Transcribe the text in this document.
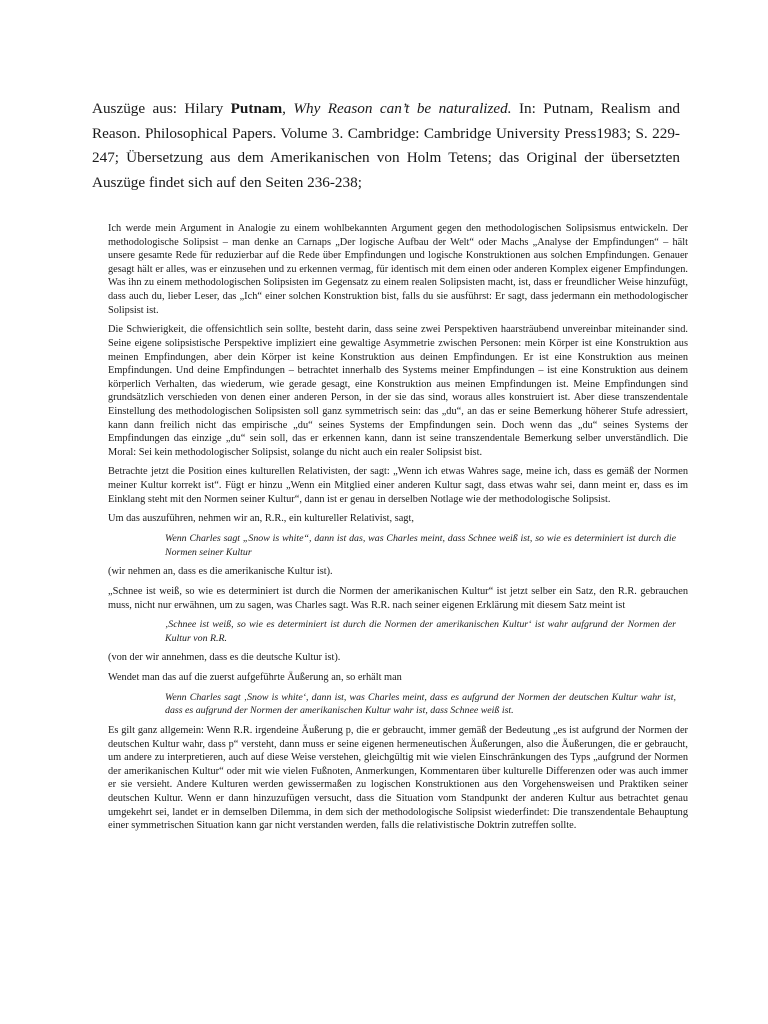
Auszüge aus: Hilary Putnam, Why Reason can’t be naturalized. In: Putnam, Realism and Reason. Philosophical Papers. Volume 3. Cambridge: Cambridge University Press1983; S. 229-247; Übersetzung aus dem Amerikanischen von Holm Tetens; das Original der übersetzten Auszüge findet sich auf den Seiten 236-238;

Ich werde mein Argument in Analogie zu einem wohlbekannten Argument gegen den methodologischen Solipsismus entwickeln. Der methodologische Solipsist – man denke an Carnaps „Der logische Aufbau der Welt“ oder Machs „Analyse der Empfindungen“ – hält unsere gesamte Rede für reduzierbar auf die Rede über Empfindungen und logische Konstruktionen aus solchen Empfindungen. Genauer gesagt hält er alles, was er einzusehen und zu erkennen vermag, für identisch mit dem einen oder anderen Komplex eigener Empfindungen. Was ihn zu einem methodologischen Solipsisten im Gegensatz zu einem realen Solipsisten macht, ist, dass er freundlicher Weise hinzufügt, dass auch du, lieber Leser, das „Ich“ einer solchen Konstruktion bist, falls du sie ausführst: Er sagt, dass jedermann ein methodologischer Solipsist ist.

Die Schwierigkeit, die offensichtlich sein sollte, besteht darin, dass seine zwei Perspektiven haarsträubend unvereinbar miteinander sind. Seine eigene solipsistische Perspektive impliziert eine gewaltige Asymmetrie zwischen Personen: mein Körper ist eine Konstruktion aus meinen Empfindungen, aber dein Körper ist keine Konstruktion aus deinen Empfindungen. Er ist eine Konstruktion aus meinen Empfindungen. Und deine Empfindungen – betrachtet innerhalb des Systems meiner Empfindungen – ist eine Konstruktion aus deinem körperlich Verhalten, das wiederum, wie gerade gesagt, eine Konstruktion aus meinen Empfindungen ist. Meine Empfindungen sind grundsätzlich verschieden von denen einer anderen Person, in der sie das sind, woraus alles konstruiert ist. Aber diese transzendentale Einstellung des methodologischen Solipsisten soll ganz symmetrisch sein: das „du“, an das er seine Bemerkung höherer Stufe adressiert, kann dann freilich nicht das empirische „du“ seines Systems der Empfindungen sein. Doch wenn das „du“ seines Systems der Empfindungen das einzige „du“ sein soll, das er erkennen kann, dann ist seine transzendentale Bemerkung selber unverständlich. Die Moral: Sei kein methodologischer Solipsist, solange du nicht auch ein realer Solipsist bist.

Betrachte jetzt die Position eines kulturellen Relativisten, der sagt: „Wenn ich etwas Wahres sage, meine ich, dass es gemäß der Normen meiner Kultur korrekt ist“. Fügt er hinzu „Wenn ein Mitglied einer anderen Kultur sagt, dass etwas wahr sei, dann meint er, dass es im Einklang steht mit den Normen seiner Kultur“, dann ist er genau in derselben Notlage wie der methodologische Solipsist.

Um das auszuführen, nehmen wir an, R.R., ein kultureller Relativist, sagt,

Wenn Charles sagt „Snow is white“, dann ist das, was Charles meint, dass Schnee weiß ist, so wie es determiniert ist durch die Normen seiner Kultur

(wir nehmen an, dass es die amerikanische Kultur ist).

„Schnee ist weiß, so wie es determiniert ist durch die Normen der amerikanischen Kultur“ ist jetzt selber ein Satz, den R.R. gebrauchen muss, nicht nur erwähnen, um zu sagen, was Charles sagt. Was R.R. nach seiner eigenen Erklärung mit diesem Satz meint ist

‚Schnee ist weiß, so wie es determiniert ist durch die Normen der amerikanischen Kultur‘ ist wahr aufgrund der Normen der Kultur von R.R.

(von der wir annehmen, dass es die deutsche Kultur ist).

Wendet man das auf die zuerst aufgeführte Äußerung an, so erhält man

Wenn Charles sagt ‚Snow is white‘, dann ist, was Charles meint, dass es aufgrund der Normen der deutschen Kultur wahr ist, dass es aufgrund der Normen der amerikanischen Kultur wahr ist, dass Schnee weiß ist.

Es gilt ganz allgemein: Wenn R.R. irgendeine Äußerung p, die er gebraucht, immer gemäß der Bedeutung „es ist aufgrund der Normen der deutschen Kultur wahr, dass p“ versteht, dann muss er seine eigenen hermeneutischen Äußerungen, also die Äußerungen, die er gebraucht, um andere zu interpretieren, auch auf diese Weise verstehen, gleichgültig mit wie vielen Einschränkungen des Typs „aufgrund der Normen der amerikanischen Kultur“ oder mit wie vielen Fußnoten, Anmerkungen, Kommentaren über kulturelle Differenzen oder was auch immer er sie versieht. Andere Kulturen werden gewissermaßen zu logischen Konstruktionen aus den Vorgehensweisen und Praktiken seiner deutschen Kultur. Wenn er dann hinzuzufügen versucht, dass die Situation vom Standpunkt der anderen Kultur aus betrachtet genau umgekehrt sei, landet er in demselben Dilemma, in dem sich der methodologische Solipsist wiederfindet: Die transzendentale Behauptung einer symmetrischen Situation kann gar nicht verstanden werden, falls die relativistische Doktrin zutreffen sollte.
